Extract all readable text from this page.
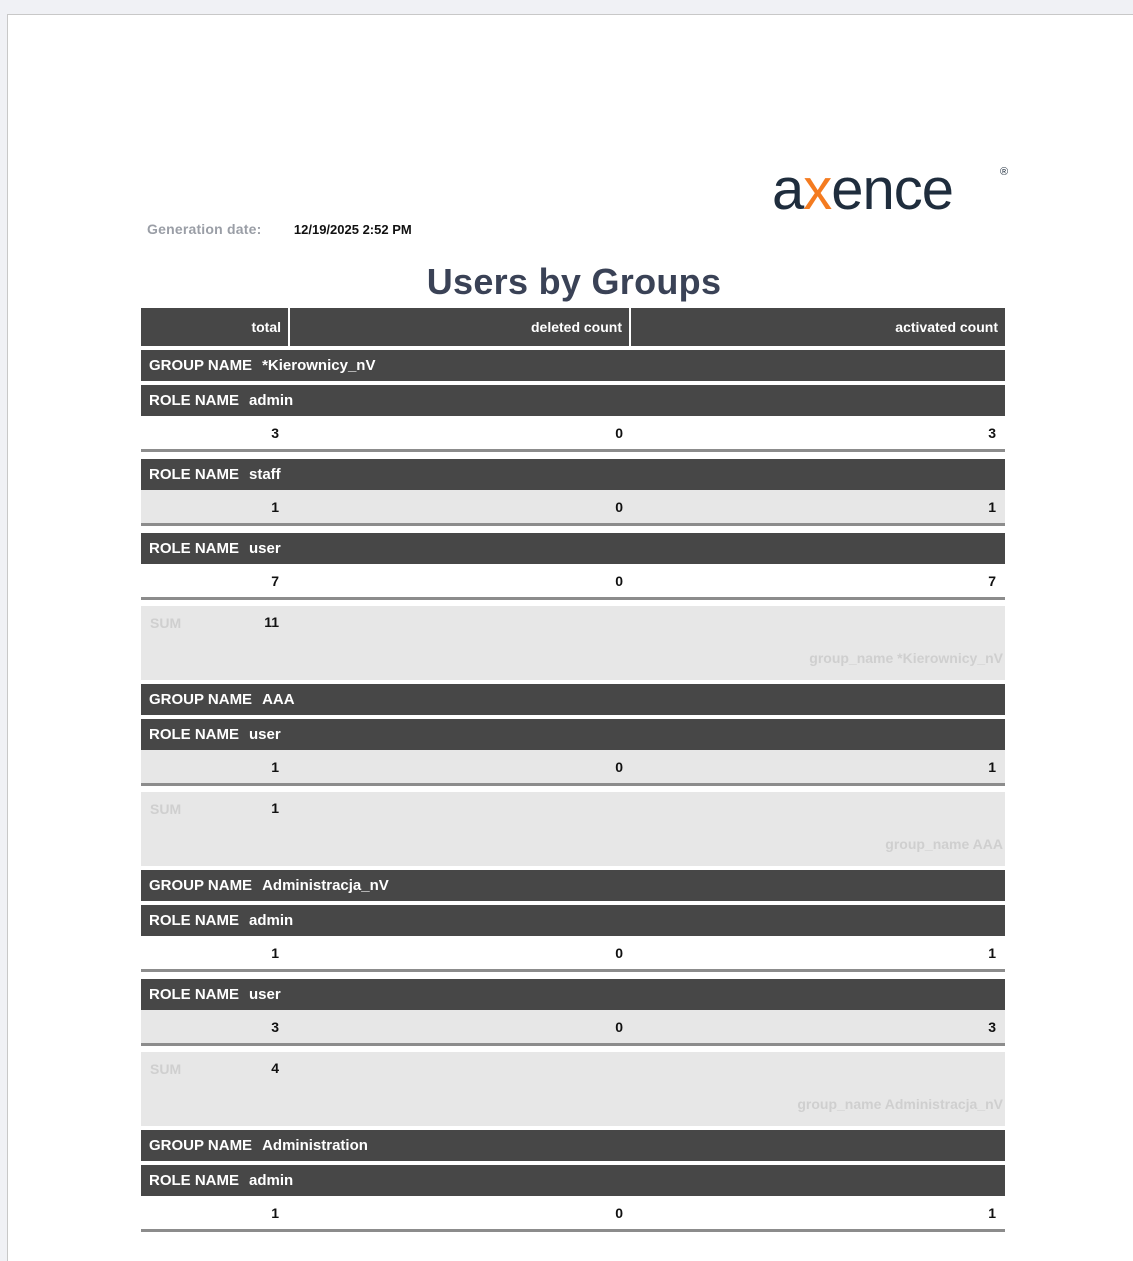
axence	®
Generation date: 12/19/2025 2:52 PM
Users by Groups
total	deleted count	activated count
GROUP NAME *Kierownicy_nV
ROLE NAME admin
3	0	3
ROLE NAME staff
1	0	1
ROLE NAME user
7	0	7
SUM	11
group_name *Kierownicy_nV
GROUP NAME AAA
ROLE NAME user
1	0	1
SUM	1
group_name AAA
GROUP NAME Administracja_nV
ROLE NAME admin
1	0	1
ROLE NAME user
3	0	3
SUM	4
group_name Administracja_nV
GROUP NAME Administration
ROLE NAME admin
1	0	1
